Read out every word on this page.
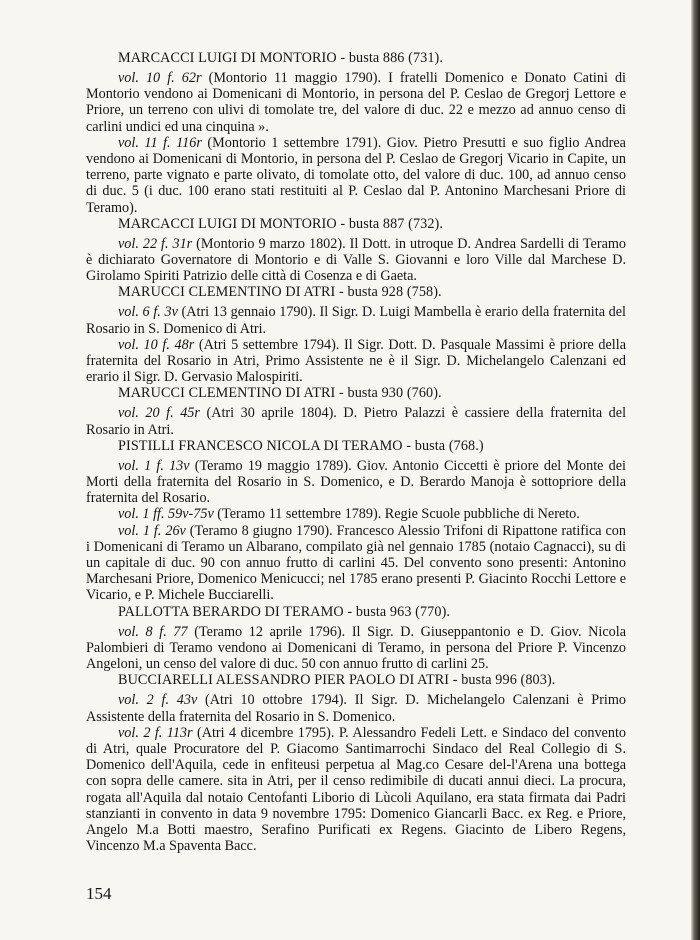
MARCACCI LUIGI DI MONTORIO - busta 886 (731).

vol. 10 f. 62r (Montorio 11 maggio 1790). I fratelli Domenico e Donato Catini di Montorio vendono ai Domenicani di Montorio, in persona del P. Ceslao de Gregorj Lettore e Priore, un terreno con ulivi di tomolate tre, del valore di duc. 22 e mezzo ad annuo censo di carlini undici ed una cinquina ».

vol. 11 f. 116r (Montorio 1 settembre 1791). Giov. Pietro Presutti e suo figlio Andrea vendono ai Domenicani di Montorio, in persona del P. Ceslao de Gregorj Vicario in Capite, un terreno, parte vignato e parte olivato, di tomolate otto, del valore di duc. 100, ad annuo censo di duc. 5 (i duc. 100 erano stati restituiti al P. Ceslao dal P. Antonino Marchesani Priore di Teramo).

MARCACCI LUIGI DI MONTORIO - busta 887 (732).

vol. 22 f. 31r (Montorio 9 marzo 1802). Il Dott. in utroque D. Andrea Sardelli di Teramo è dichiarato Governatore di Montorio e di Valle S. Giovanni e loro Ville dal Marchese D. Girolamo Spiriti Patrizio delle città di Cosenza e di Gaeta.

MARUCCI CLEMENTINO DI ATRI - busta 928 (758).

vol. 6 f. 3v (Atri 13 gennaio 1790). Il Sigr. D. Luigi Mambella è erario della fraternita del Rosario in S. Domenico di Atri.

vol. 10 f. 48r (Atri 5 settembre 1794). Il Sigr. Dott. D. Pasquale Massimi è priore della fraternita del Rosario in Atri, Primo Assistente ne è il Sigr. D. Michelangelo Calenzani ed erario il Sigr. D. Gervasio Malospiriti.

MARUCCI CLEMENTINO DI ATRI - busta 930 (760).

vol. 20 f. 45r (Atri 30 aprile 1804). D. Pietro Palazzi è cassiere della fraternita del Rosario in Atri.

PISTILLI FRANCESCO NICOLA DI TERAMO - busta (768.)

vol. 1 f. 13v (Teramo 19 maggio 1789). Giov. Antonio Ciccetti è priore del Monte dei Morti della fraternita del Rosario in S. Domenico, e D. Berardo Manoja è sottopriore della fraternita del Rosario.

vol. 1 ff. 59v-75v (Teramo 11 settembre 1789). Regie Scuole pubbliche di Nereto.

vol. 1 f. 26v (Teramo 8 giugno 1790). Francesco Alessio Trifoni di Ripattone ratifica con i Domenicani di Teramo un Albarano, compilato già nel gennaio 1785 (notaio Cagnacci), su di un capitale di duc. 90 con annuo frutto di carlini 45. Del convento sono presenti: Antonino Marchesani Priore, Domenico Menicucci; nel 1785 erano presenti P. Giacinto Rocchi Lettore e Vicario, e P. Michele Bucciarelli.

PALLOTTA BERARDO DI TERAMO - busta 963 (770).

vol. 8 f. 77 (Teramo 12 aprile 1796). Il Sigr. D. Giuseppantonio e D. Giov. Nicola Palombieri di Teramo vendono ai Domenicani di Teramo, in persona del Priore P. Vincenzo Angeloni, un censo del valore di duc. 50 con annuo frutto di carlini 25.

BUCCIARELLI ALESSANDRO PIER PAOLO DI ATRI - busta 996 (803).

vol. 2 f. 43v (Atri 10 ottobre 1794). Il Sigr. D. Michelangelo Calenzani è Primo Assistente della fraternita del Rosario in S. Domenico.

vol. 2 f. 113r (Atri 4 dicembre 1795). P. Alessandro Fedeli Lett. e Sindaco del convento di Atri, quale Procuratore del P. Giacomo Santimarrochi Sindaco del Real Collegio di S. Domenico dell'Aquila, cede in enfiteusi perpetua al Mag.co Cesare del-l'Arena una bottega con sopra delle camere. sita in Atri, per il censo redimibile di ducati annui dieci. La procura, rogata all'Aquila dal notaio Centofanti Liborio di Lùcoli Aquilano, era stata firmata dai Padri stanzianti in convento in data 9 novembre 1795: Domenico Giancarli Bacc. ex Reg. e Priore, Angelo M.a Botti maestro, Serafino Purificati ex Regens. Giacinto de Libero Regens, Vincenzo M.a Spaventa Bacc.

154
